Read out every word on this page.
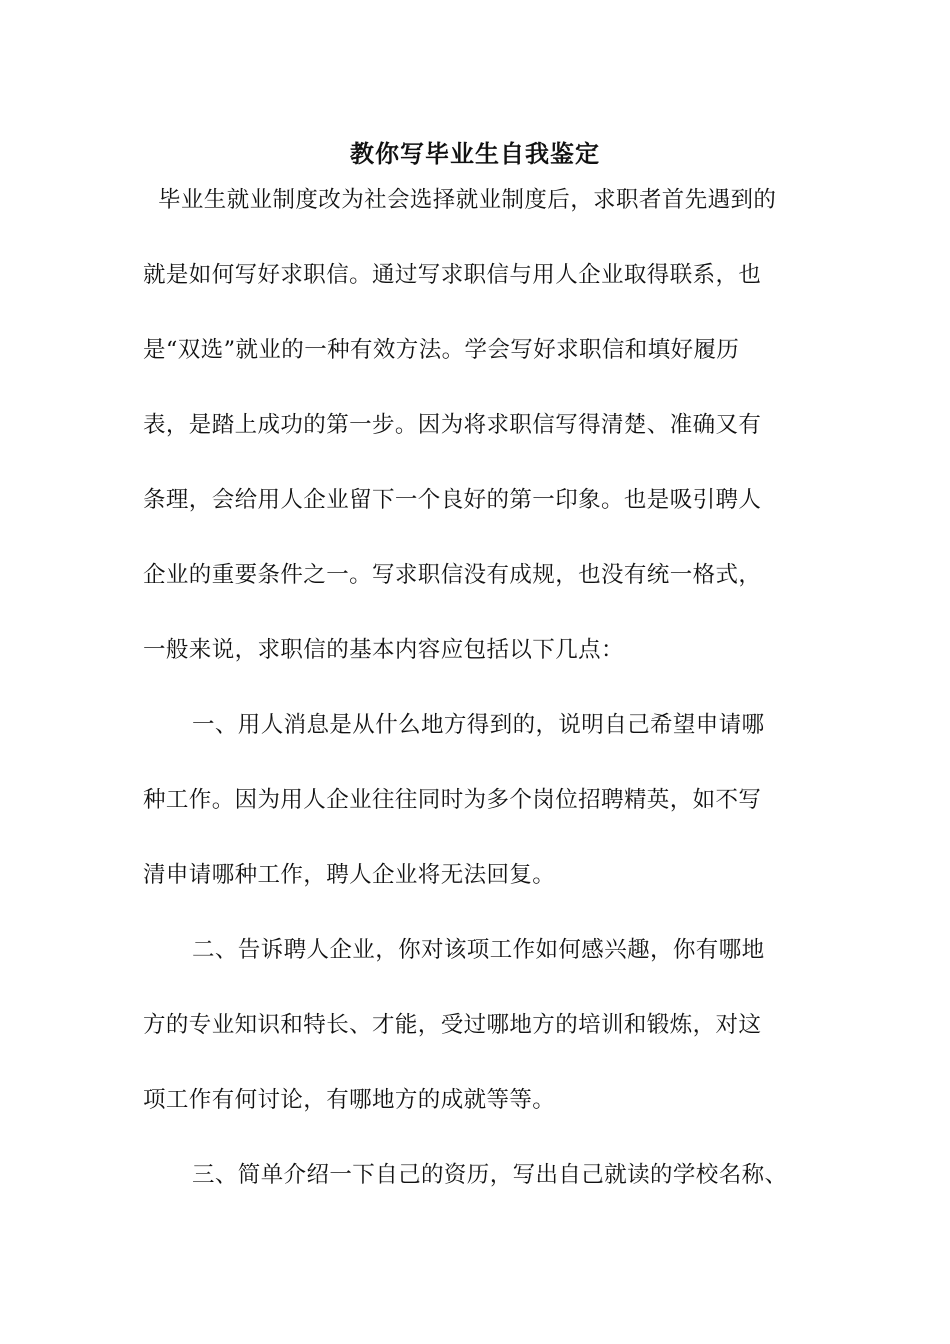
教你写毕业生自我鉴定
毕业生就业制度改为社会选择就业制度后，求职者首先遇到的
就是如何写好求职信。通过写求职信与用人企业取得联系，也
是“双选”就业的一种有效方法。学会写好求职信和填好履历
表，是踏上成功的第一步。因为将求职信写得清楚、准确又有
条理，会给用人企业留下一个良好的第一印象。也是吸引聘人
企业的重要条件之一。写求职信没有成规，也没有统一格式，
一般来说，求职信的基本内容应包括以下几点：
一、用人消息是从什么地方得到的，说明自己希望申请哪
种工作。因为用人企业往往同时为多个岗位招聘精英，如不写
清申请哪种工作，聘人企业将无法回复。
二、告诉聘人企业，你对该项工作如何感兴趣，你有哪地
方的专业知识和特长、才能，受过哪地方的培训和锻炼，对这
项工作有何讨论，有哪地方的成就等等。
三、简单介绍一下自己的资历，写出自己就读的学校名称、
